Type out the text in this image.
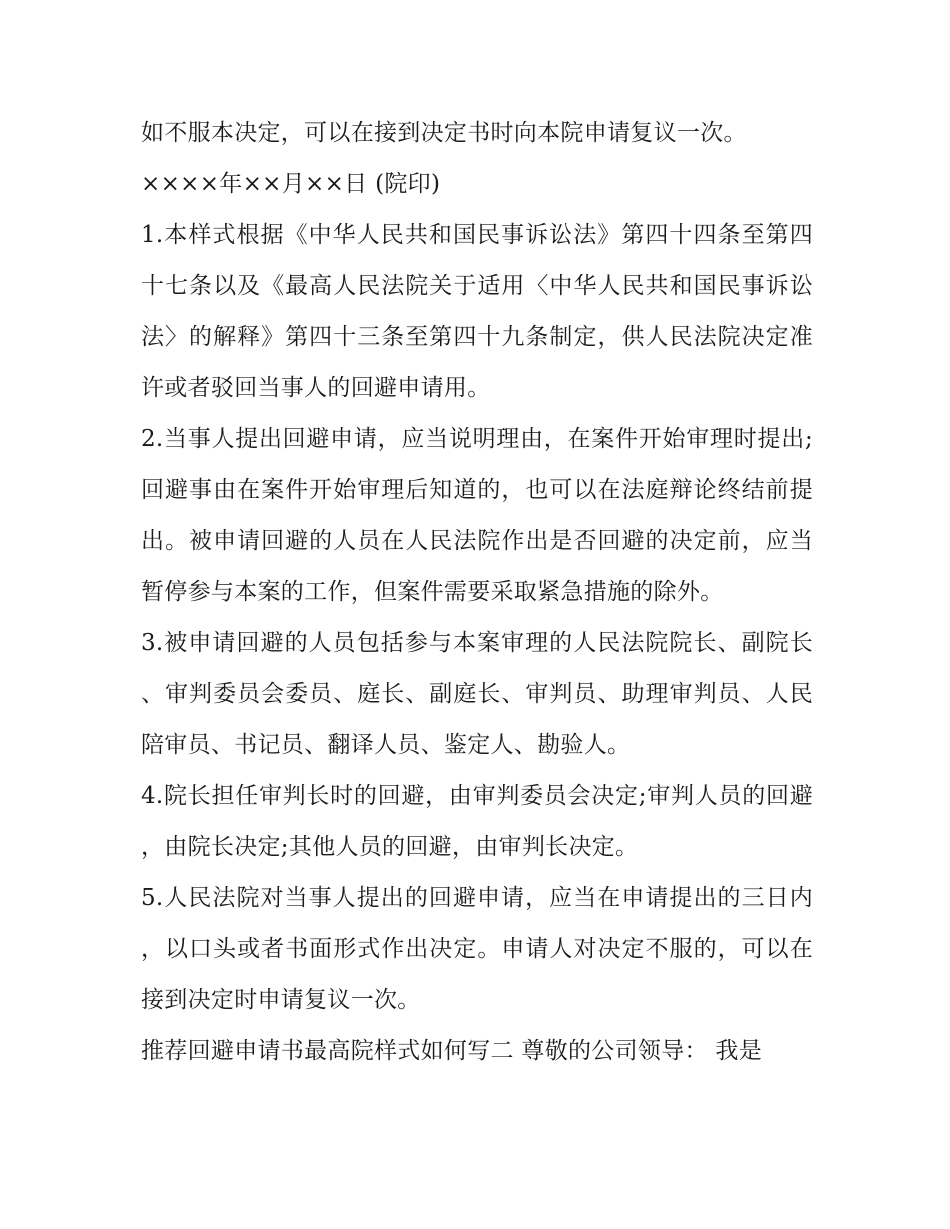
如不服本决定，可以在接到决定书时向本院申请复议一次。

××××年××月××日 (院印)

1.本样式根据《中华人民共和国民事诉讼法》第四十四条至第四十七条以及《最高人民法院关于适用〈中华人民共和国民事诉讼法〉的解释》第四十三条至第四十九条制定，供人民法院决定准许或者驳回当事人的回避申请用。

2.当事人提出回避申请，应当说明理由，在案件开始审理时提出;回避事由在案件开始审理后知道的，也可以在法庭辩论终结前提出。被申请回避的人员在人民法院作出是否回避的决定前，应当暂停参与本案的工作，但案件需要采取紧急措施的除外。

3.被申请回避的人员包括参与本案审理的人民法院院长、副院长、审判委员会委员、庭长、副庭长、审判员、助理审判员、人民陪审员、书记员、翻译人员、鉴定人、勘验人。

4.院长担任审判长时的回避，由审判委员会决定;审判人员的回避，由院长决定;其他人员的回避，由审判长决定。

5.人民法院对当事人提出的回避申请，应当在申请提出的三日内，以口头或者书面形式作出决定。申请人对决定不服的，可以在接到决定时申请复议一次。

推荐回避申请书最高院样式如何写二 尊敬的公司领导： 我是
